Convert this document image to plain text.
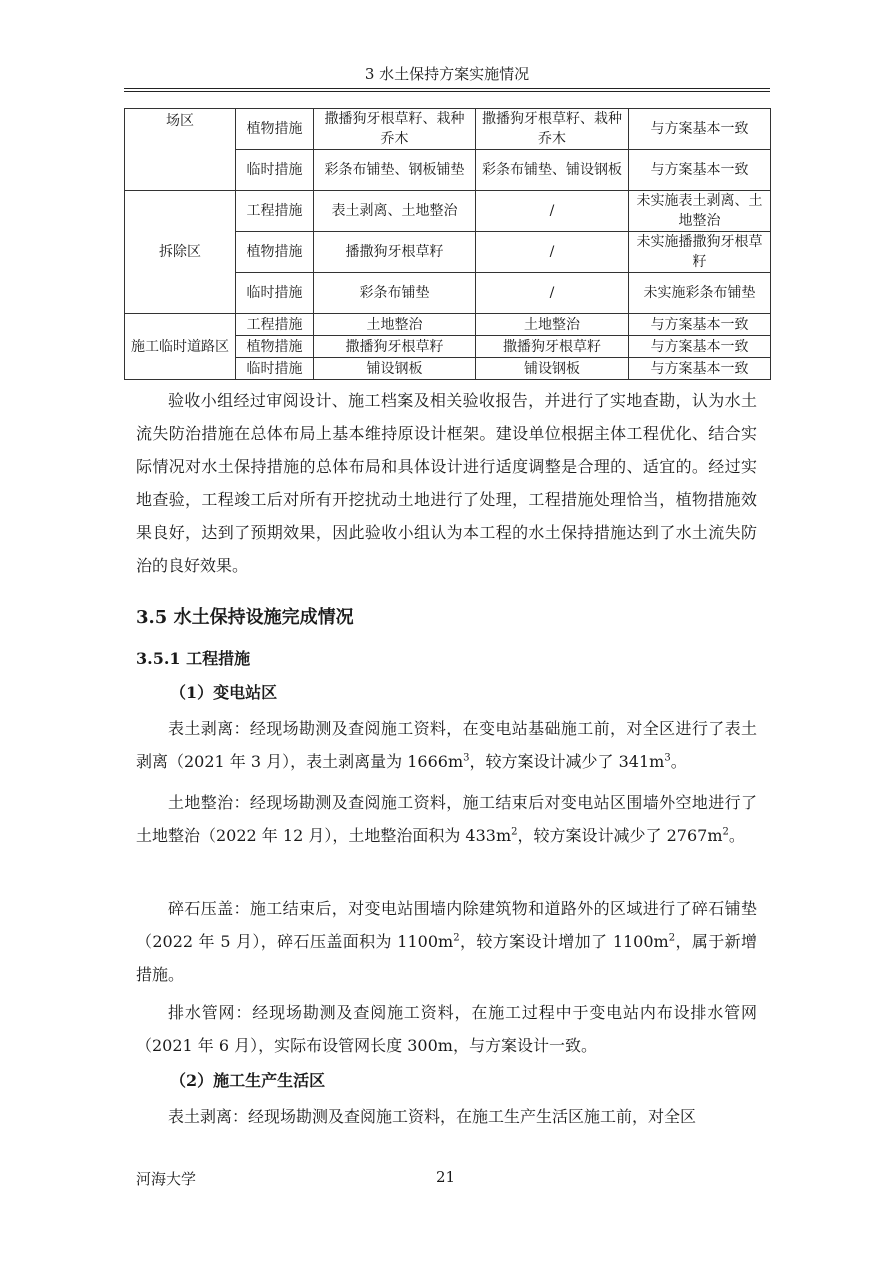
3 水土保持方案实施情况
场区	植物措施	撒播狗牙根草籽、栽种乔木	撒播狗牙根草籽、栽种乔木	与方案基本一致
	临时措施	彩条布铺垫、钢板铺垫	彩条布铺垫、铺设钢板	与方案基本一致
拆除区	工程措施	表土剥离、土地整治	/	未实施表土剥离、土地整治
	植物措施	播撒狗牙根草籽	/	未实施播撒狗牙根草籽
	临时措施	彩条布铺垫	/	未实施彩条布铺垫
施工临时道路区	工程措施	土地整治	土地整治	与方案基本一致
	植物措施	撒播狗牙根草籽	撒播狗牙根草籽	与方案基本一致
	临时措施	铺设钢板	铺设钢板	与方案基本一致
验收小组经过审阅设计、施工档案及相关验收报告，并进行了实地查勘，认为水土流失防治措施在总体布局上基本维持原设计框架。建设单位根据主体工程优化、结合实际情况对水土保持措施的总体布局和具体设计进行适度调整是合理的、适宜的。经过实地查验，工程竣工后对所有开挖扰动土地进行了处理，工程措施处理恰当，植物措施效果良好，达到了预期效果，因此验收小组认为本工程的水土保持措施达到了水土流失防治的良好效果。
3.5 水土保持设施完成情况
3.5.1 工程措施
（1）变电站区
表土剥离：经现场勘测及查阅施工资料，在变电站基础施工前，对全区进行了表土剥离（2021 年 3 月），表土剥离量为 $1666m^3$，较方案设计减少了 $341m^3$。
土地整治：经现场勘测及查阅施工资料，施工结束后对变电站区围墙外空地进行了土地整治（2022 年 12 月），土地整治面积为 $433m^2$，较方案设计减少了 $2767m^2$。
碎石压盖：施工结束后，对变电站围墙内除建筑物和道路外的区域进行了碎石铺垫（2022 年 5 月），碎石压盖面积为 $1100m^2$，较方案设计增加了 $1100m^2$，属于新增措施。
排水管网：经现场勘测及查阅施工资料，在施工过程中于变电站内布设排水管网（2021 年 6 月），实际布设管网长度 300m，与方案设计一致。
（2）施工生产生活区
表土剥离：经现场勘测及查阅施工资料，在施工生产生活区施工前，对全区
河海大学	21
